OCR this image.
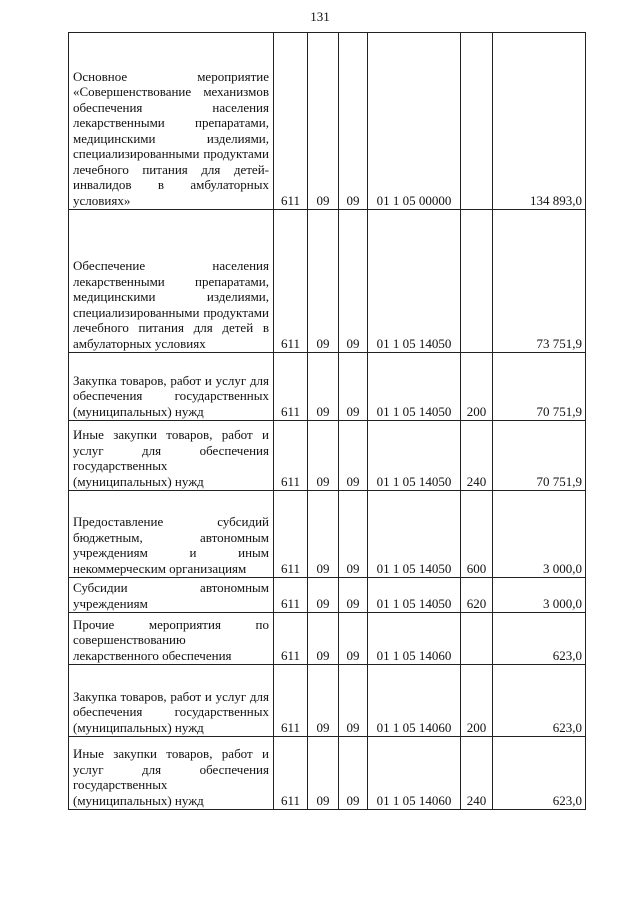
131
Основное мероприятие «Совершенствование механизмов обеспечения населения лекарственными препаратами, медицинскими изделиями, специализированными продуктами лечебного питания для детей-инвалидов в амбулаторных условиях»	611	09	09	01 1 05 00000		134 893,0
Обеспечение населения лекарственными препаратами, медицинскими изделиями, специализированными продуктами лечебного питания для детей в амбулаторных условиях	611	09	09	01 1 05 14050		73 751,9
Закупка товаров, работ и услуг для обеспечения государственных (муниципальных) нужд	611	09	09	01 1 05 14050	200	70 751,9
Иные закупки товаров, работ и услуг для обеспечения государственных (муниципальных) нужд	611	09	09	01 1 05 14050	240	70 751,9
Предоставление субсидий бюджетным, автономным учреждениям и иным некоммерческим организациям	611	09	09	01 1 05 14050	600	3 000,0
Субсидии автономным учреждениям	611	09	09	01 1 05 14050	620	3 000,0
Прочие мероприятия по совершенствованию лекарственного обеспечения	611	09	09	01 1 05 14060		623,0
Закупка товаров, работ и услуг для обеспечения государственных (муниципальных) нужд	611	09	09	01 1 05 14060	200	623,0
Иные закупки товаров, работ и услуг для обеспечения государственных (муниципальных) нужд	611	09	09	01 1 05 14060	240	623,0
